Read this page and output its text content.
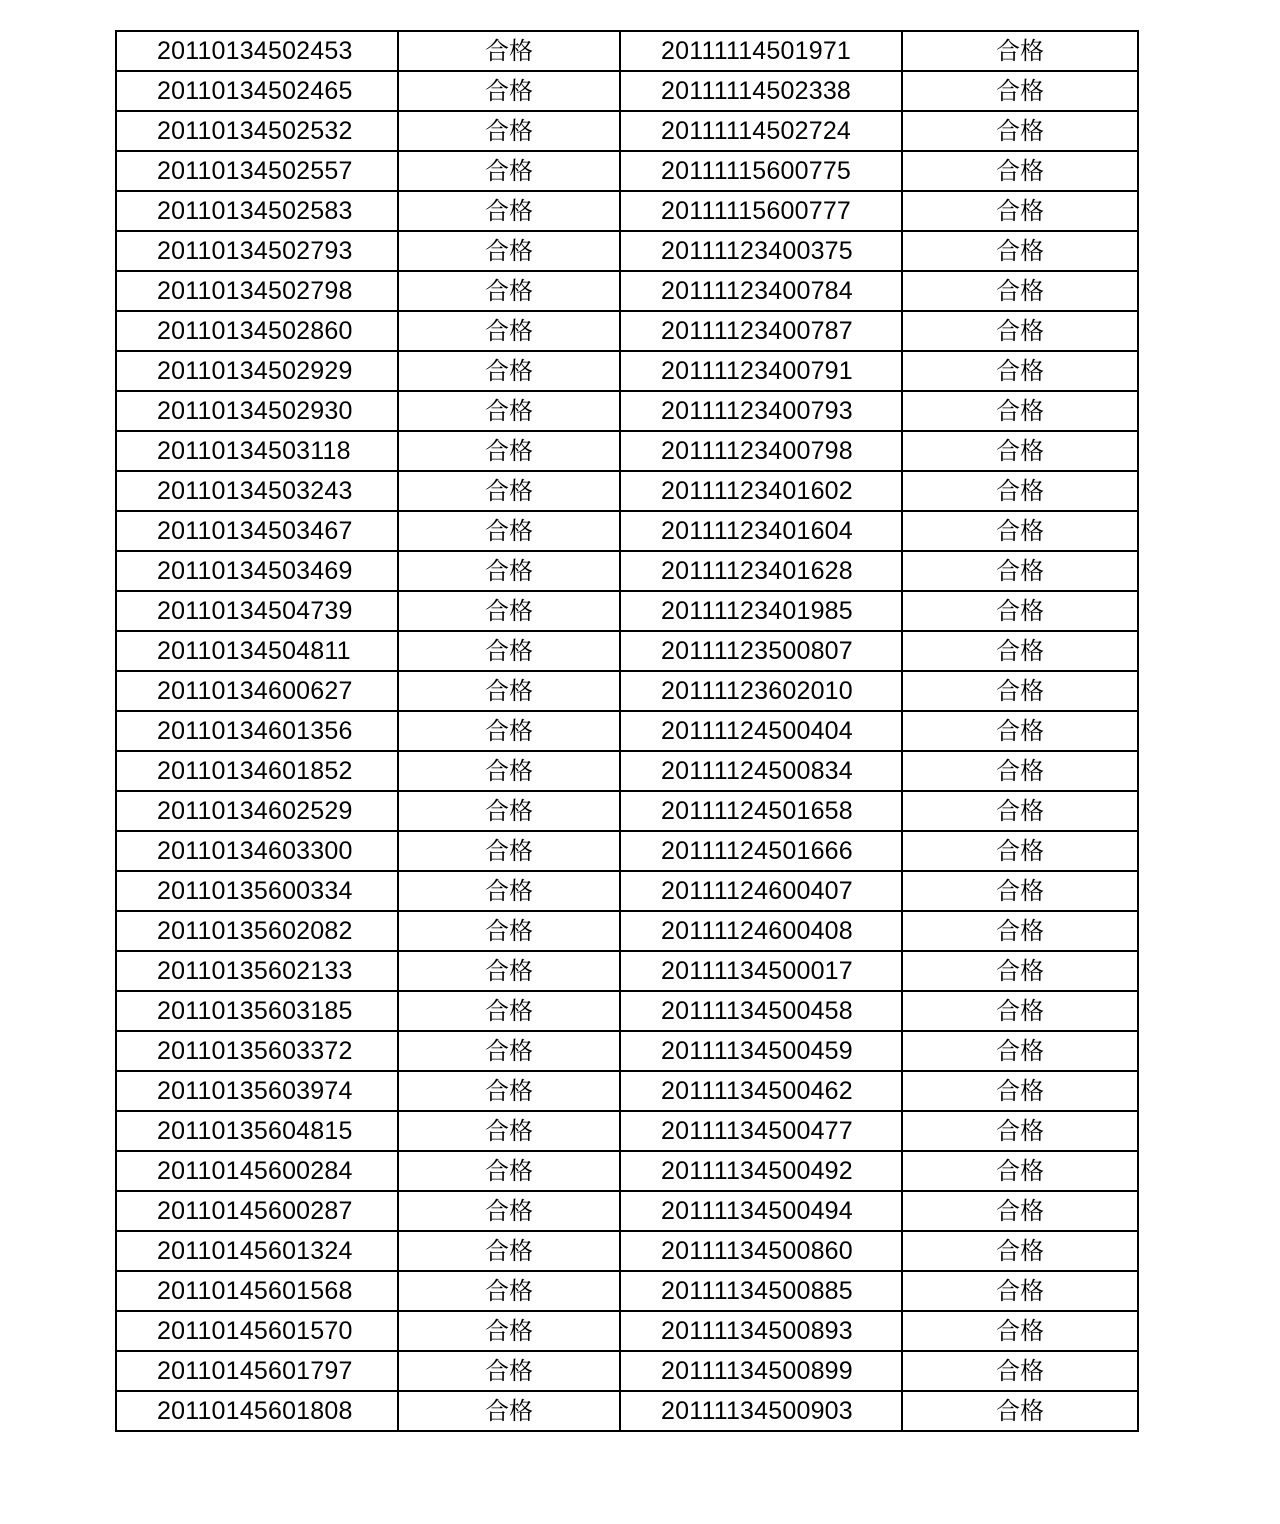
20110134502453	合格	20111114501971	合格
20110134502465	合格	20111114502338	合格
20110134502532	合格	20111114502724	合格
20110134502557	合格	20111115600775	合格
20110134502583	合格	20111115600777	合格
20110134502793	合格	20111123400375	合格
20110134502798	合格	20111123400784	合格
20110134502860	合格	20111123400787	合格
20110134502929	合格	20111123400791	合格
20110134502930	合格	20111123400793	合格
20110134503118	合格	20111123400798	合格
20110134503243	合格	20111123401602	合格
20110134503467	合格	20111123401604	合格
20110134503469	合格	20111123401628	合格
20110134504739	合格	20111123401985	合格
20110134504811	合格	20111123500807	合格
20110134600627	合格	20111123602010	合格
20110134601356	合格	20111124500404	合格
20110134601852	合格	20111124500834	合格
20110134602529	合格	20111124501658	合格
20110134603300	合格	20111124501666	合格
20110135600334	合格	20111124600407	合格
20110135602082	合格	20111124600408	合格
20110135602133	合格	20111134500017	合格
20110135603185	合格	20111134500458	合格
20110135603372	合格	20111134500459	合格
20110135603974	合格	20111134500462	合格
20110135604815	合格	20111134500477	合格
20110145600284	合格	20111134500492	合格
20110145600287	合格	20111134500494	合格
20110145601324	合格	20111134500860	合格
20110145601568	合格	20111134500885	合格
20110145601570	合格	20111134500893	合格
20110145601797	合格	20111134500899	合格
20110145601808	合格	20111134500903	合格
